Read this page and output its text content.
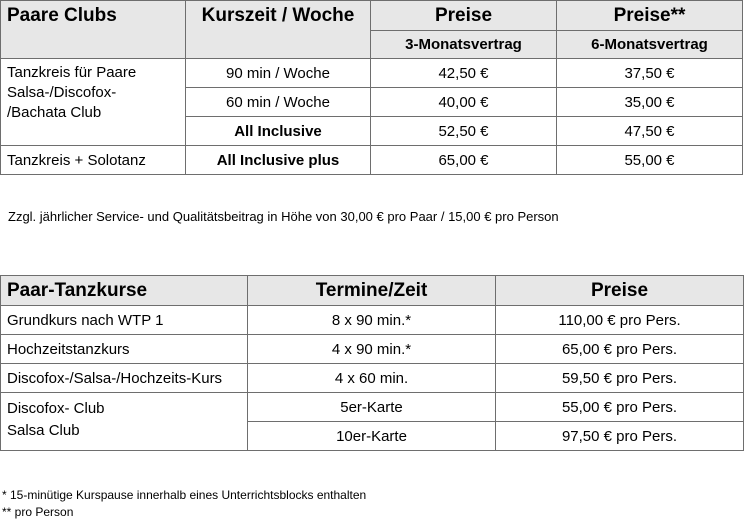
Paare Clubs	Kurszeit / Woche	Preise	Preise**
		3-Monatsvertrag	6-Monatsvertrag

Tanzkreis für Paare
Salsa-/Discofox-
/Bachata Club	90 min / Woche	42,50 €	37,50 €
	60 min / Woche	40,00 €	35,00 €
	All Inclusive	52,50 €	47,50 €
Tanzkreis + Solotanz	All Inclusive plus	65,00 €	55,00 €
Zzgl. jährlicher Service- und Qualitätsbeitrag in Höhe von 30,00 € pro Paar / 15,00 € pro Person
Paar-Tanzkurse	Termine/Zeit	Preise
Grundkurs nach WTP 1	8 x 90 min.*	110,00 € pro Pers.
Hochzeitstanzkurs	4 x 90 min.*	65,00 € pro Pers.
Discofox-/Salsa-/Hochzeits-Kurs	4 x 60 min.	59,50 € pro Pers.

Discofox- Club
Salsa Club	5er-Karte	55,00 € pro Pers.
	10er-Karte	97,50 € pro Pers.
* 15-minütige Kurspause innerhalb eines Unterrichtsblocks enthalten
** pro Person
